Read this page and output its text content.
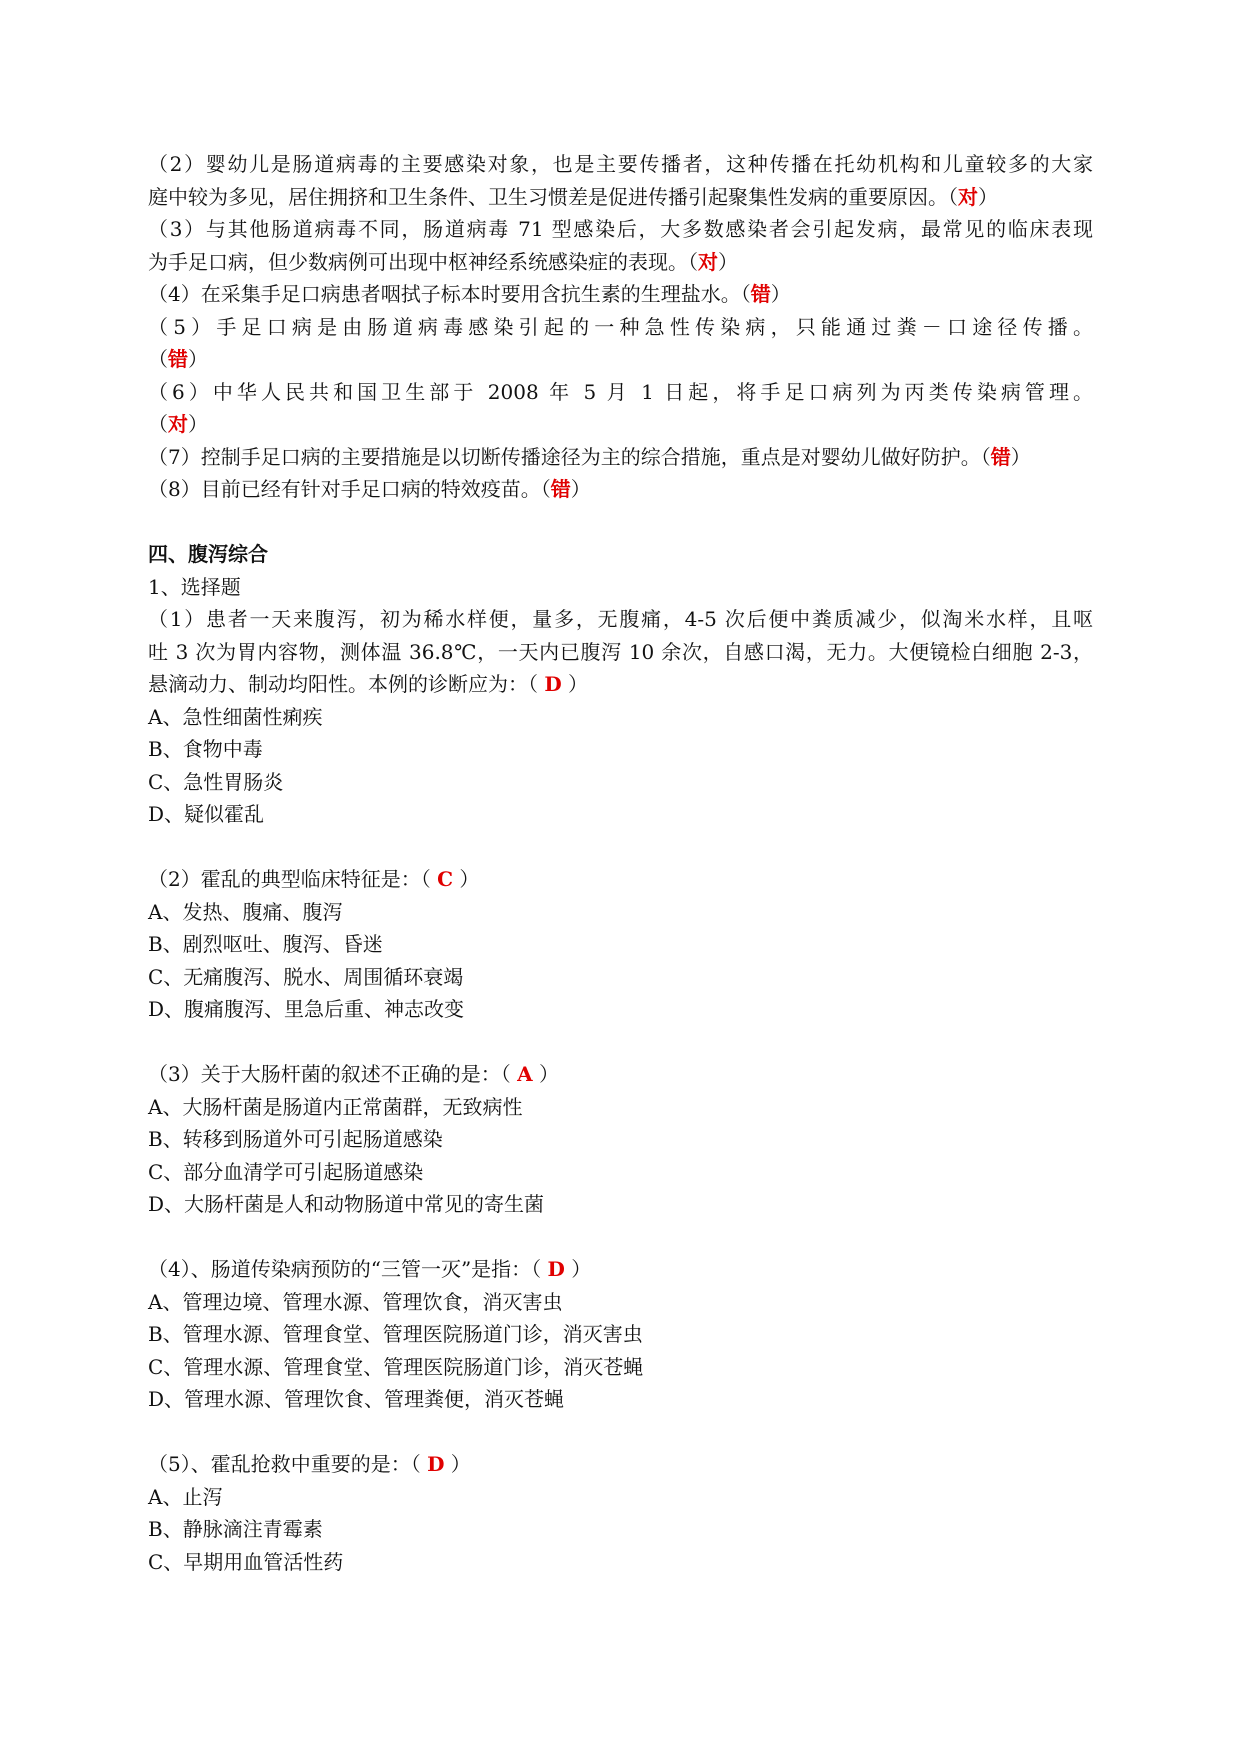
（2）婴幼儿是肠道病毒的主要感染对象，也是主要传播者，这种传播在托幼机构和儿童较多的大家
庭中较为多见，居住拥挤和卫生条件、卫生习惯差是促进传播引起聚集性发病的重要原因。（对）
（3）与其他肠道病毒不同，肠道病毒 71 型感染后，大多数感染者会引起发病，最常见的临床表现
为手足口病，但少数病例可出现中枢神经系统感染症的表现。（对）
（4）在采集手足口病患者咽拭子标本时要用含抗生素的生理盐水。（错）
（5）手足口病是由肠道病毒感染引起的一种急性传染病，只能通过粪－口途径传播。
（错）
（6）中华人民共和国卫生部于 2008 年 5 月 1 日起，将手足口病列为丙类传染病管理。
（对）
（7）控制手足口病的主要措施是以切断传播途径为主的综合措施，重点是对婴幼儿做好防护。（错）
（8）目前已经有针对手足口病的特效疫苗。（错）
四、腹泻综合
1、选择题
（1）患者一天来腹泻，初为稀水样便，量多，无腹痛，4-5 次后便中粪质减少，似淘米水样，且呕
吐 3 次为胃内容物，测体温 36.8℃，一天内已腹泻 10 余次，自感口渴，无力。大便镜检白细胞 2-3，
悬滴动力、制动均阳性。本例的诊断应为：（ D ）
A、急性细菌性痢疾
B、食物中毒
C、急性胃肠炎
D、疑似霍乱
（2）霍乱的典型临床特征是：（ C ）
A、发热、腹痛、腹泻
B、剧烈呕吐、腹泻、昏迷
C、无痛腹泻、脱水、周围循环衰竭
D、腹痛腹泻、里急后重、神志改变
（3）关于大肠杆菌的叙述不正确的是：（ A ）
A、大肠杆菌是肠道内正常菌群，无致病性
B、转移到肠道外可引起肠道感染
C、部分血清学可引起肠道感染
D、大肠杆菌是人和动物肠道中常见的寄生菌
（4）、肠道传染病预防的“三管一灭”是指：（ D ）
A、管理边境、管理水源、管理饮食，消灭害虫
B、管理水源、管理食堂、管理医院肠道门诊，消灭害虫
C、管理水源、管理食堂、管理医院肠道门诊，消灭苍蝇
D、管理水源、管理饮食、管理粪便，消灭苍蝇
（5）、霍乱抢救中重要的是：（ D ）
A、止泻
B、静脉滴注青霉素
C、早期用血管活性药
